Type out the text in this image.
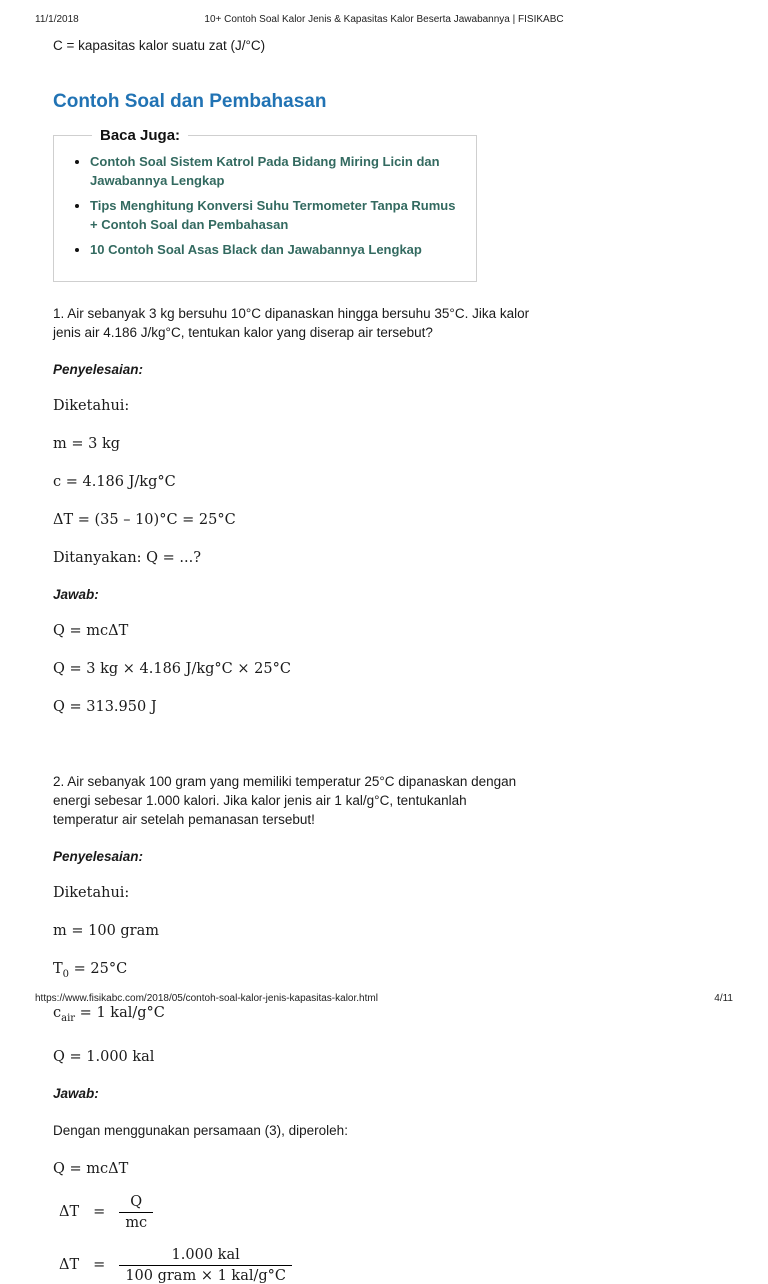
11/1/2018	10+ Contoh Soal Kalor Jenis & Kapasitas Kalor Beserta Jawabannya | FISIKABC
C = kapasitas kalor suatu zat (J/°C)
Contoh Soal dan Pembahasan
Baca Juga:
• Contoh Soal Sistem Katrol Pada Bidang Miring Licin dan Jawabannya Lengkap
• Tips Menghitung Konversi Suhu Termometer Tanpa Rumus + Contoh Soal dan Pembahasan
• 10 Contoh Soal Asas Black dan Jawabannya Lengkap
1. Air sebanyak 3 kg bersuhu 10°C dipanaskan hingga bersuhu 35°C. Jika kalor
jenis air 4.186 J/kg°C, tentukan kalor yang diserap air tersebut?
Penyelesaian:
Diketahui:
m = 3 kg
c = 4.186 J/kg°C
ΔT = (35 – 10)°C = 25°C
Ditanyakan: Q = ...?
Jawab:
Q = mcΔT
Q = 3 kg × 4.186 J/kg°C × 25°C
Q = 313.950 J
2. Air sebanyak 100 gram yang memiliki temperatur 25°C dipanaskan dengan
energi sebesar 1.000 kalori. Jika kalor jenis air 1 kal/g°C, tentukanlah
temperatur air setelah pemanasan tersebut!
Penyelesaian:
Diketahui:
m = 100 gram
$T_0 = 25^\circ C$
$c_{air} = 1$ kal/g°C
Q = 1.000 kal
Jawab:
Dengan menggunakan persamaan (3), diperoleh:
Q = mcΔT
$\Delta T = \frac{Q}{mc}$
$\Delta T = \frac{\text{1.000 kal}}{\text{100 gram × 1 kal/g°C}}$
https://www.fisikabc.com/2018/05/contoh-soal-kalor-jenis-kapasitas-kalor.html	4/11
